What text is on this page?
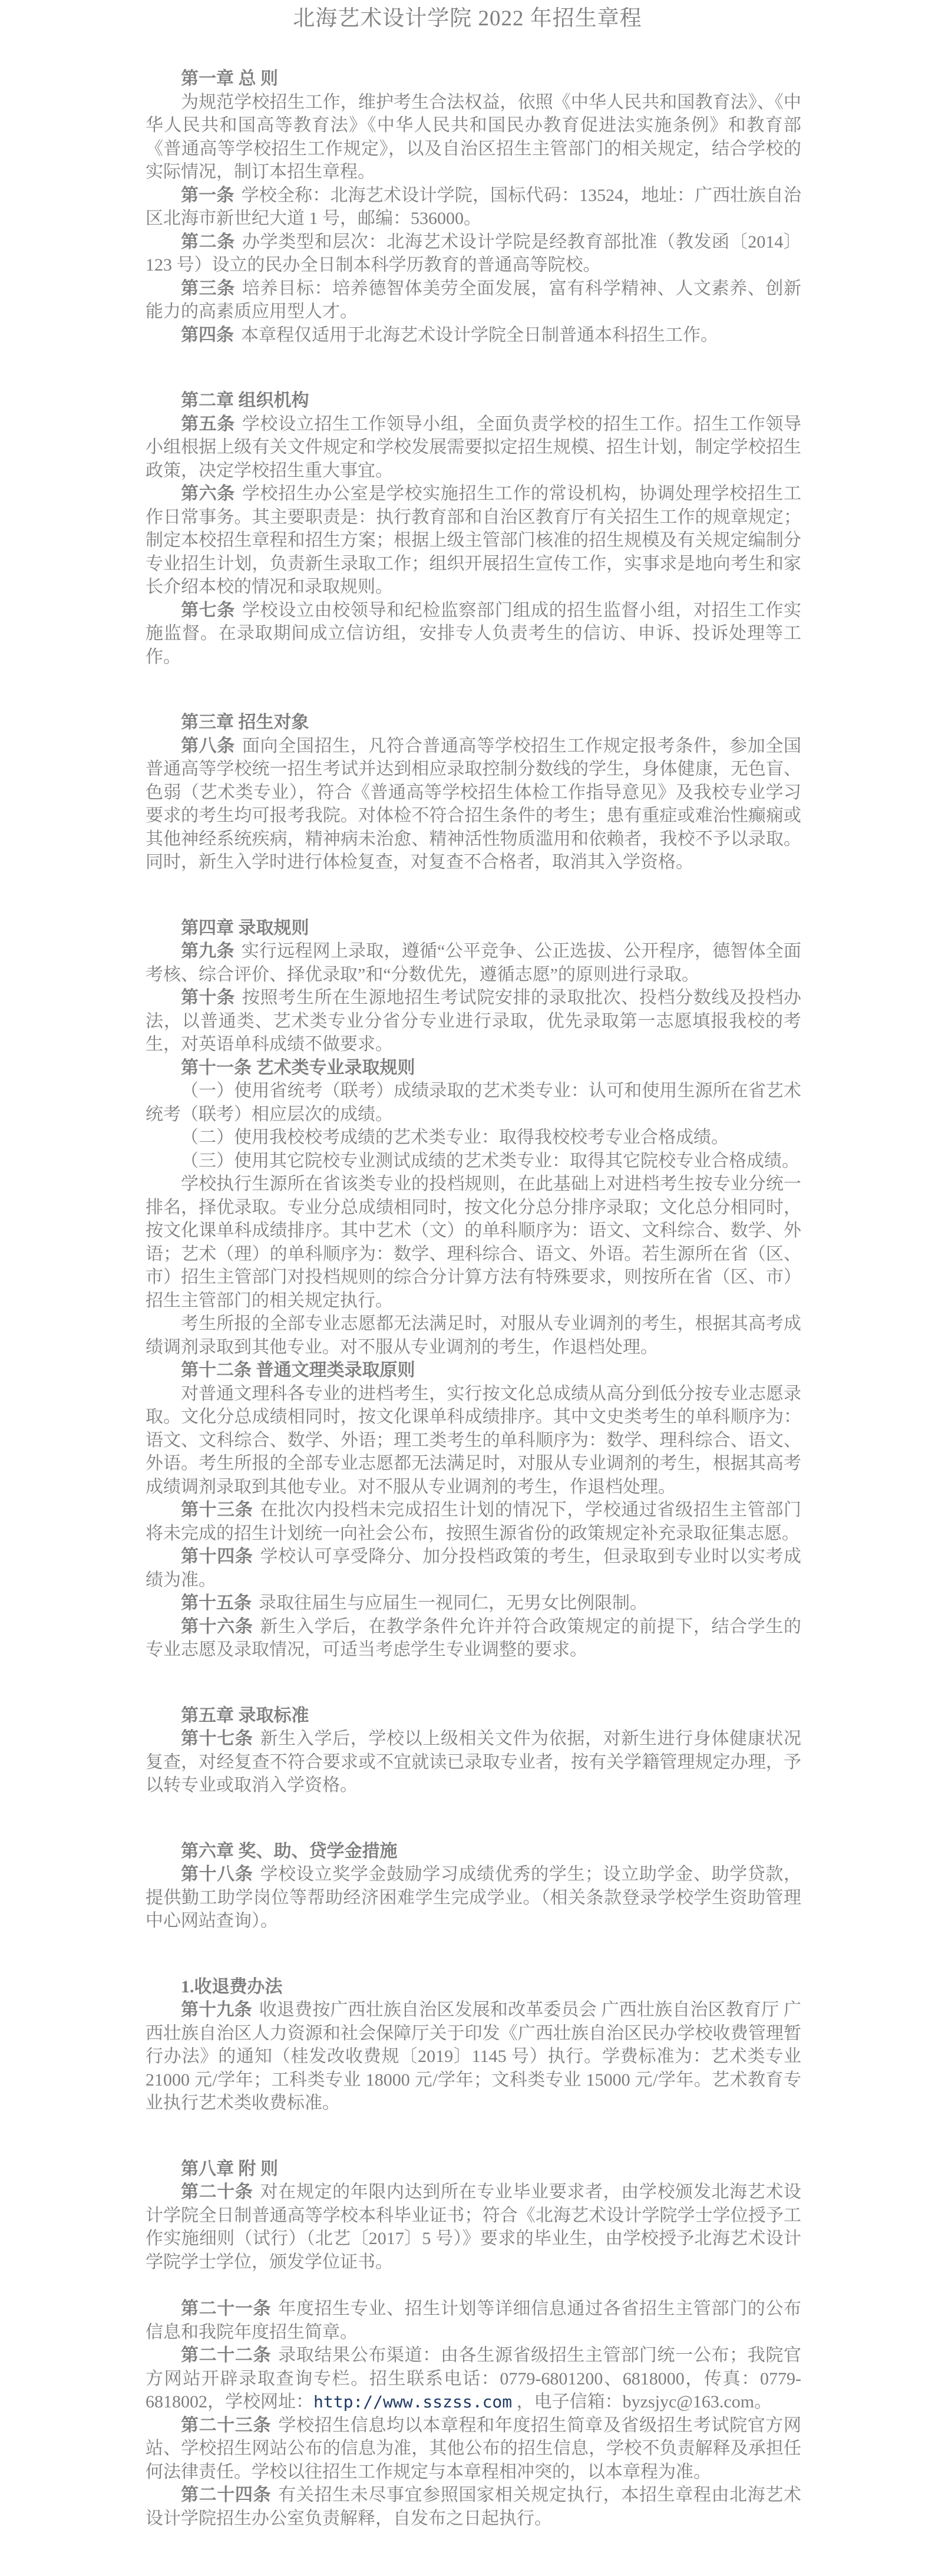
北海艺术设计学院 2022 年招生章程

第一章 总 则

为规范学校招生工作，维护考生合法权益，依照《中华人民共和国教育法》、《中华人民共和国高等教育法》《中华人民共和国民办教育促进法实施条例》和教育部《普通高等学校招生工作规定》，以及自治区招生主管部门的相关规定，结合学校的实际情况，制订本招生章程。

第一条 学校全称：北海艺术设计学院，国标代码：13524，地址：广西壮族自治区北海市新世纪大道 1 号，邮编：536000。

第二条 办学类型和层次：北海艺术设计学院是经教育部批准（教发函〔2014〕123 号）设立的民办全日制本科学历教育的普通高等院校。

第三条 培养目标：培养德智体美劳全面发展，富有科学精神、人文素养、创新能力的高素质应用型人才。

第四条 本章程仅适用于北海艺术设计学院全日制普通本科招生工作。

第二章 组织机构

第五条 学校设立招生工作领导小组，全面负责学校的招生工作。招生工作领导小组根据上级有关文件规定和学校发展需要拟定招生规模、招生计划，制定学校招生政策，决定学校招生重大事宜。

第六条 学校招生办公室是学校实施招生工作的常设机构，协调处理学校招生工作日常事务。其主要职责是：执行教育部和自治区教育厅有关招生工作的规章规定；制定本校招生章程和招生方案；根据上级主管部门核准的招生规模及有关规定编制分专业招生计划，负责新生录取工作；组织开展招生宣传工作，实事求是地向考生和家长介绍本校的情况和录取规则。

第七条 学校设立由校领导和纪检监察部门组成的招生监督小组，对招生工作实施监督。在录取期间成立信访组，安排专人负责考生的信访、申诉、投诉处理等工作。

第三章 招生对象

第八条 面向全国招生，凡符合普通高等学校招生工作规定报考条件，参加全国普通高等学校统一招生考试并达到相应录取控制分数线的学生，身体健康，无色盲、色弱（艺术类专业），符合《普通高等学校招生体检工作指导意见》及我校专业学习要求的考生均可报考我院。对体检不符合招生条件的考生；患有重症或难治性癫痫或其他神经系统疾病，精神病未治愈、精神活性物质滥用和依赖者，我校不予以录取。同时，新生入学时进行体检复查，对复查不合格者，取消其入学资格。

第四章 录取规则

第九条 实行远程网上录取，遵循“公平竞争、公正选拔、公开程序，德智体全面考核、综合评价、择优录取”和“分数优先，遵循志愿”的原则进行录取。

第十条 按照考生所在生源地招生考试院安排的录取批次、投档分数线及投档办法，以普通类、艺术类专业分省分专业进行录取，优先录取第一志愿填报我校的考生，对英语单科成绩不做要求。

第十一条 艺术类专业录取规则

（一）使用省统考（联考）成绩录取的艺术类专业：认可和使用生源所在省艺术统考（联考）相应层次的成绩。

（二）使用我校校考成绩的艺术类专业：取得我校校考专业合格成绩。

（三）使用其它院校专业测试成绩的艺术类专业：取得其它院校专业合格成绩。

学校执行生源所在省该类专业的投档规则，在此基础上对进档考生按专业分统一排名，择优录取。专业分总成绩相同时，按文化分总分排序录取；文化总分相同时，按文化课单科成绩排序。其中艺术（文）的单科顺序为：语文、文科综合、数学、外语；艺术（理）的单科顺序为：数学、理科综合、语文、外语。若生源所在省（区、市）招生主管部门对投档规则的综合分计算方法有特殊要求，则按所在省（区、市）招生主管部门的相关规定执行。

考生所报的全部专业志愿都无法满足时，对服从专业调剂的考生，根据其高考成绩调剂录取到其他专业。对不服从专业调剂的考生，作退档处理。

第十二条 普通文理类录取原则

对普通文理科各专业的进档考生，实行按文化总成绩从高分到低分按专业志愿录取。文化分总成绩相同时，按文化课单科成绩排序。其中文史类考生的单科顺序为：语文、文科综合、数学、外语；理工类考生的单科顺序为：数学、理科综合、语文、外语。考生所报的全部专业志愿都无法满足时，对服从专业调剂的考生，根据其高考成绩调剂录取到其他专业。对不服从专业调剂的考生，作退档处理。

第十三条 在批次内投档未完成招生计划的情况下，学校通过省级招生主管部门将未完成的招生计划统一向社会公布，按照生源省份的政策规定补充录取征集志愿。

第十四条 学校认可享受降分、加分投档政策的考生，但录取到专业时以实考成绩为准。

第十五条 录取往届生与应届生一视同仁，无男女比例限制。

第十六条 新生入学后，在教学条件允许并符合政策规定的前提下，结合学生的专业志愿及录取情况，可适当考虑学生专业调整的要求。

第五章 录取标准

第十七条 新生入学后，学校以上级相关文件为依据，对新生进行身体健康状况复查，对经复查不符合要求或不宜就读已录取专业者，按有关学籍管理规定办理，予以转专业或取消入学资格。

第六章 奖、助、贷学金措施

第十八条 学校设立奖学金鼓励学习成绩优秀的学生；设立助学金、助学贷款，提供勤工助学岗位等帮助经济困难学生完成学业。（相关条款登录学校学生资助管理中心网站查询）。

1.收退费办法

第十九条 收退费按广西壮族自治区发展和改革委员会 广西壮族自治区教育厅 广西壮族自治区人力资源和社会保障厅关于印发《广西壮族自治区民办学校收费管理暂行办法》的通知（桂发改收费规〔2019〕1145 号）执行。学费标准为：艺术类专业 21000 元/学年；工科类专业 18000 元/学年；文科类专业 15000 元/学年。艺术教育专业执行艺术类收费标准。

第八章 附 则

第二十条 对在规定的年限内达到所在专业毕业要求者，由学校颁发北海艺术设计学院全日制普通高等学校本科毕业证书；符合《北海艺术设计学院学士学位授予工作实施细则（试行）（北艺〔2017〕5 号）》要求的毕业生，由学校授予北海艺术设计学院学士学位，颁发学位证书。

第二十一条 年度招生专业、招生计划等详细信息通过各省招生主管部门的公布信息和我院年度招生简章。

第二十二条 录取结果公布渠道：由各生源省级招生主管部门统一公布；我院官方网站开辟录取查询专栏。招生联系电话：0779-6801200、6818000，传真：0779-6818002，学校网址：http://www.sszss.com ，电子信箱：byzsjyc@163.com。

第二十三条 学校招生信息均以本章程和年度招生简章及省级招生考试院官方网站、学校招生网站公布的信息为准，其他公布的招生信息，学校不负责解释及承担任何法律责任。学校以往招生工作规定与本章程相冲突的，以本章程为准。

第二十四条 有关招生未尽事宜参照国家相关规定执行，本招生章程由北海艺术设计学院招生办公室负责解释，自发布之日起执行。
